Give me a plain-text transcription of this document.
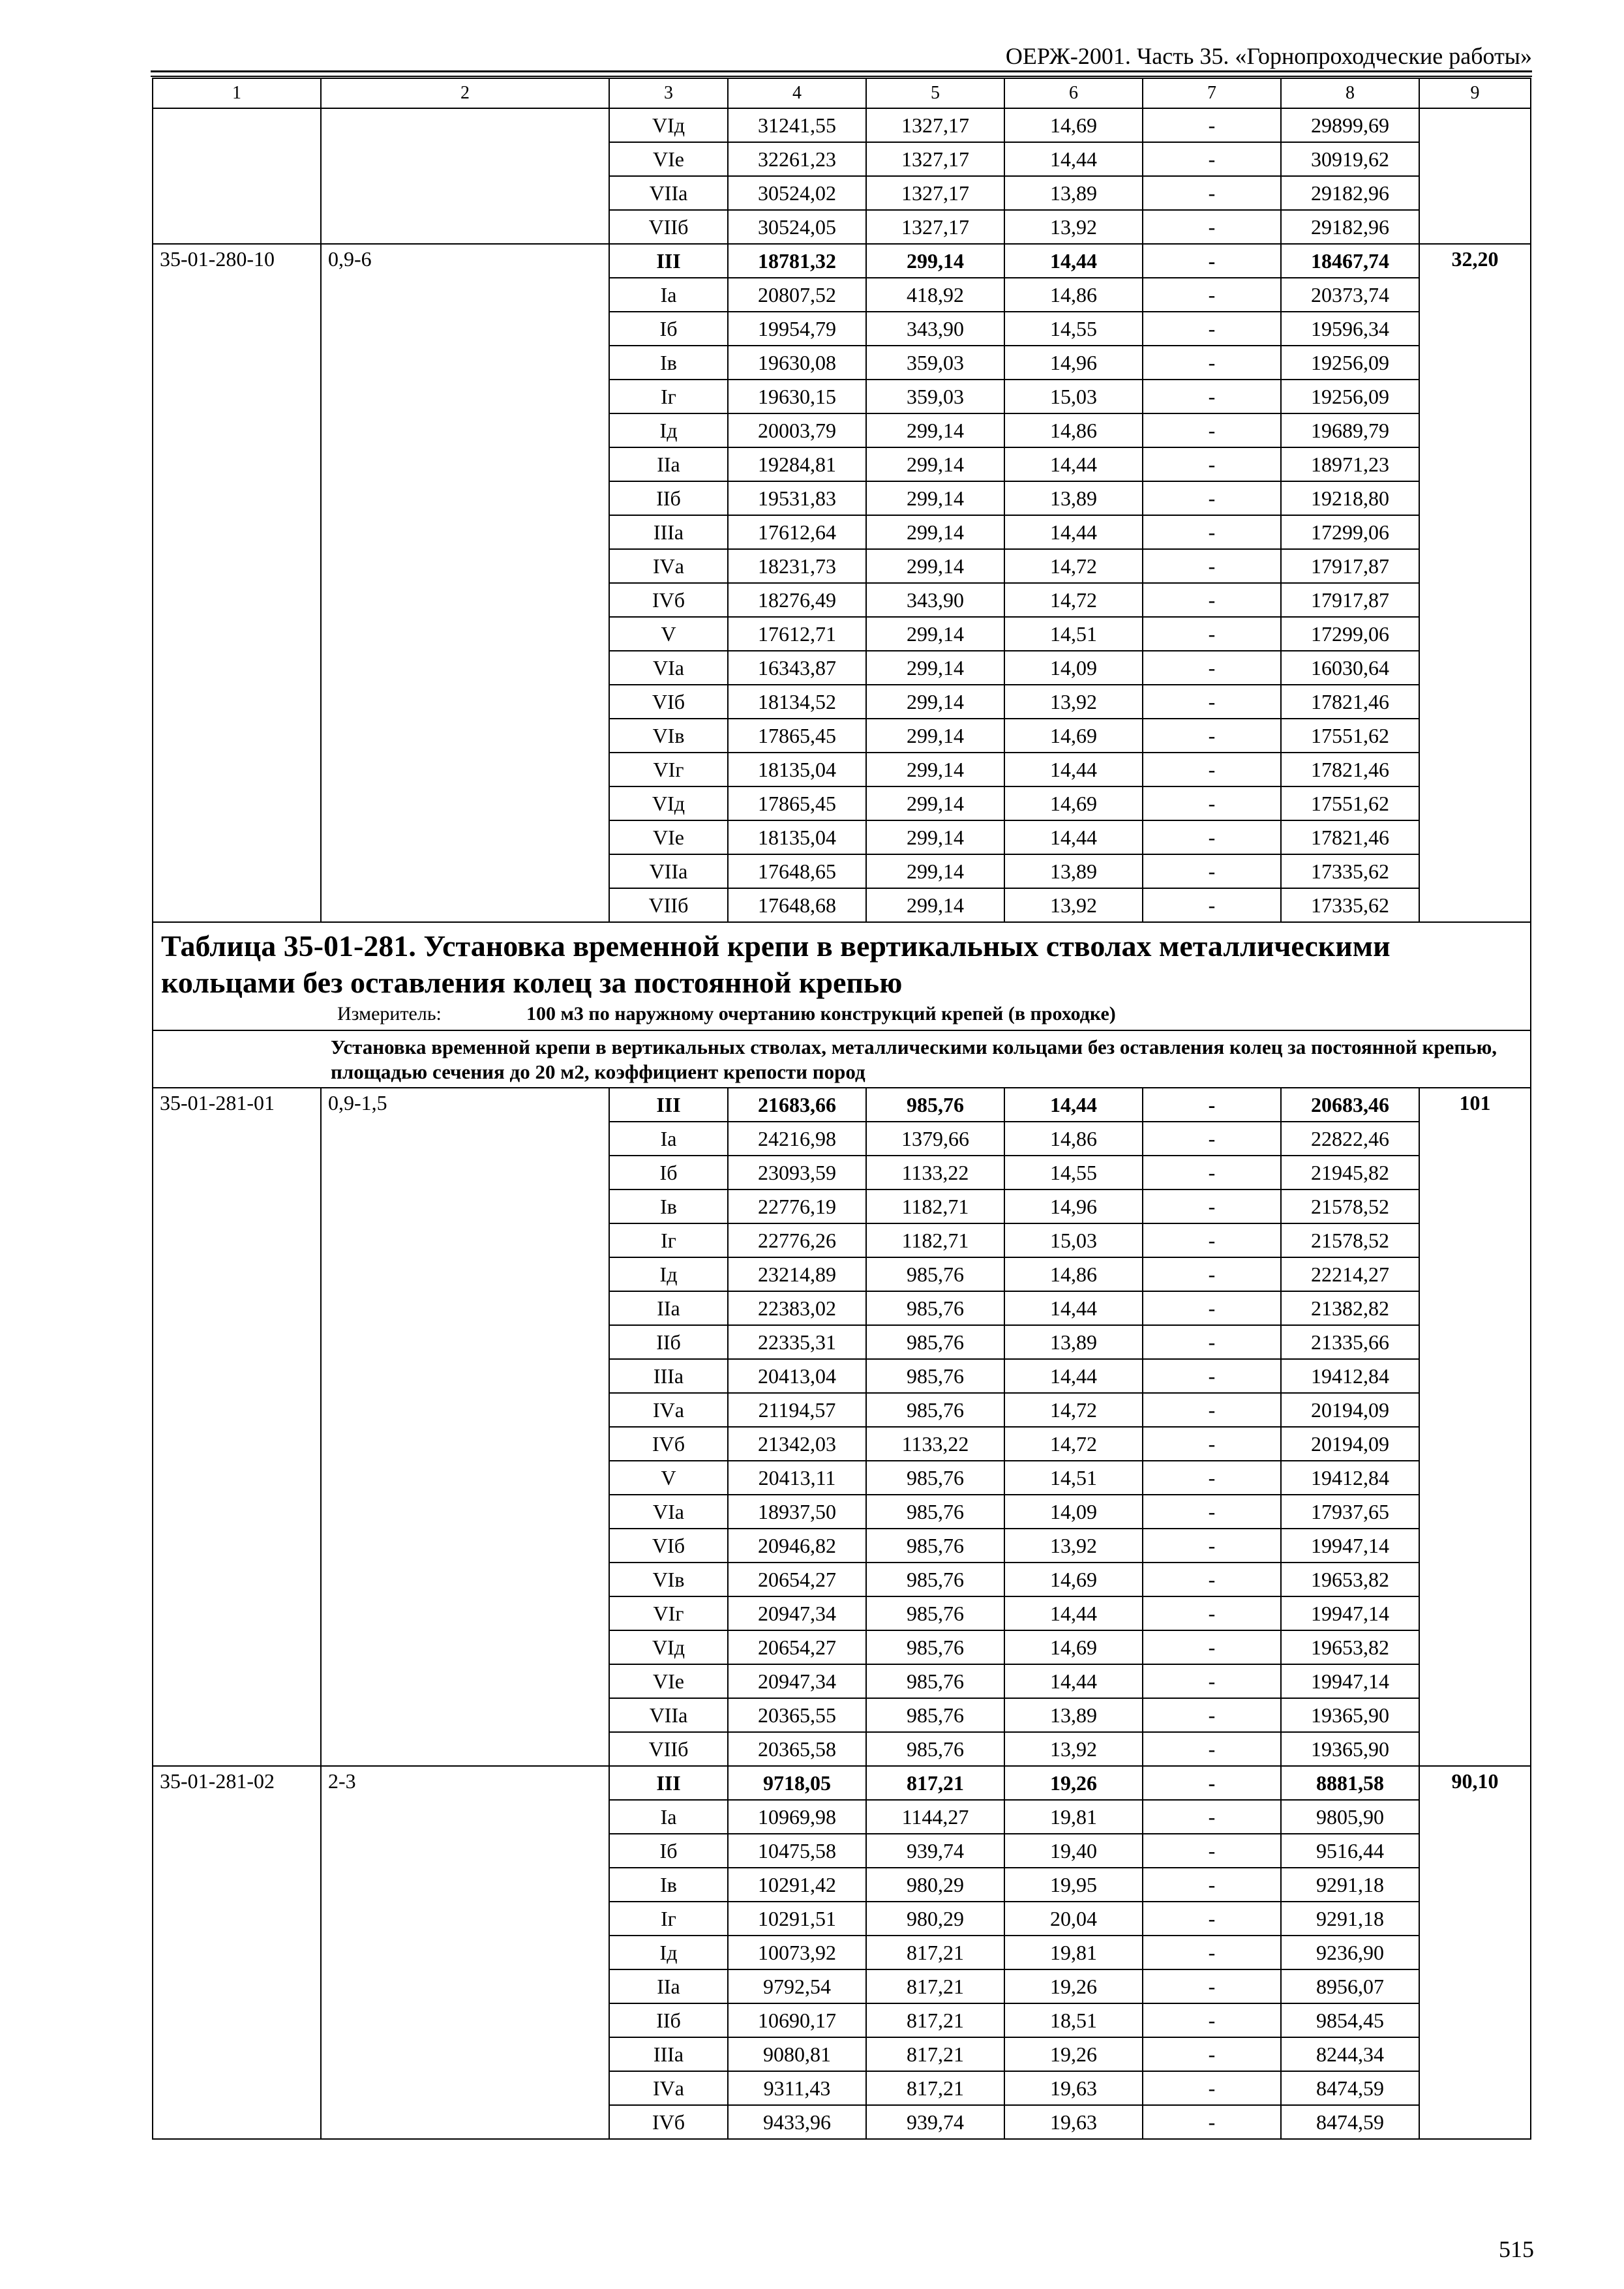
ОЕРЖ-2001. Часть 35. «Горнопроходческие работы»
1	2	3	4	5	6	7	8	9
		VIд	31241,55	1327,17	14,69	-	29899,69	
		VIе	32261,23	1327,17	14,44	-	30919,62	
		VIIа	30524,02	1327,17	13,89	-	29182,96	
		VIIб	30524,05	1327,17	13,92	-	29182,96	
35-01-280-10	0,9-6	III	18781,32	299,14	14,44	-	18467,74	32,20
		Iа	20807,52	418,92	14,86	-	20373,74	
		Iб	19954,79	343,90	14,55	-	19596,34	
		Iв	19630,08	359,03	14,96	-	19256,09	
		Iг	19630,15	359,03	15,03	-	19256,09	
		Iд	20003,79	299,14	14,86	-	19689,79	
		IIа	19284,81	299,14	14,44	-	18971,23	
		IIб	19531,83	299,14	13,89	-	19218,80	
		IIIа	17612,64	299,14	14,44	-	17299,06	
		IVа	18231,73	299,14	14,72	-	17917,87	
		IVб	18276,49	343,90	14,72	-	17917,87	
		V	17612,71	299,14	14,51	-	17299,06	
		VIа	16343,87	299,14	14,09	-	16030,64	
		VIб	18134,52	299,14	13,92	-	17821,46	
		VIв	17865,45	299,14	14,69	-	17551,62	
		VIг	18135,04	299,14	14,44	-	17821,46	
		VIд	17865,45	299,14	14,69	-	17551,62	
		VIе	18135,04	299,14	14,44	-	17821,46	
		VIIа	17648,65	299,14	13,89	-	17335,62	
		VIIб	17648,68	299,14	13,92	-	17335,62	

Таблица 35-01-281. Установка временной крепи в вертикальных стволах металлическими кольцами без оставления колец за постоянной крепью
Измеритель: 100 м3 по наружному очертанию конструкций крепей (в проходке)								

Установка временной крепи в вертикальных стволах, металлическими кольцами без оставления колец за постоянной крепью, площадью сечения до 20 м2, коэффициент крепости пород								
35-01-281-01	0,9-1,5	III	21683,66	985,76	14,44	-	20683,46	101
		Iа	24216,98	1379,66	14,86	-	22822,46	
		Iб	23093,59	1133,22	14,55	-	21945,82	
		Iв	22776,19	1182,71	14,96	-	21578,52	
		Iг	22776,26	1182,71	15,03	-	21578,52	
		Iд	23214,89	985,76	14,86	-	22214,27	
		IIа	22383,02	985,76	14,44	-	21382,82	
		IIб	22335,31	985,76	13,89	-	21335,66	
		IIIа	20413,04	985,76	14,44	-	19412,84	
		IVа	21194,57	985,76	14,72	-	20194,09	
		IVб	21342,03	1133,22	14,72	-	20194,09	
		V	20413,11	985,76	14,51	-	19412,84	
		VIа	18937,50	985,76	14,09	-	17937,65	
		VIб	20946,82	985,76	13,92	-	19947,14	
		VIв	20654,27	985,76	14,69	-	19653,82	
		VIг	20947,34	985,76	14,44	-	19947,14	
		VIд	20654,27	985,76	14,69	-	19653,82	
		VIе	20947,34	985,76	14,44	-	19947,14	
		VIIа	20365,55	985,76	13,89	-	19365,90	
		VIIб	20365,58	985,76	13,92	-	19365,90	
35-01-281-02	2-3	III	9718,05	817,21	19,26	-	8881,58	90,10
		Iа	10969,98	1144,27	19,81	-	9805,90	
		Iб	10475,58	939,74	19,40	-	9516,44	
		Iв	10291,42	980,29	19,95	-	9291,18	
		Iг	10291,51	980,29	20,04	-	9291,18	
		Iд	10073,92	817,21	19,81	-	9236,90	
		IIа	9792,54	817,21	19,26	-	8956,07	
		IIб	10690,17	817,21	18,51	-	9854,45	
		IIIа	9080,81	817,21	19,26	-	8244,34	
		IVа	9311,43	817,21	19,63	-	8474,59	
		IVб	9433,96	939,74	19,63	-	8474,59	
515
